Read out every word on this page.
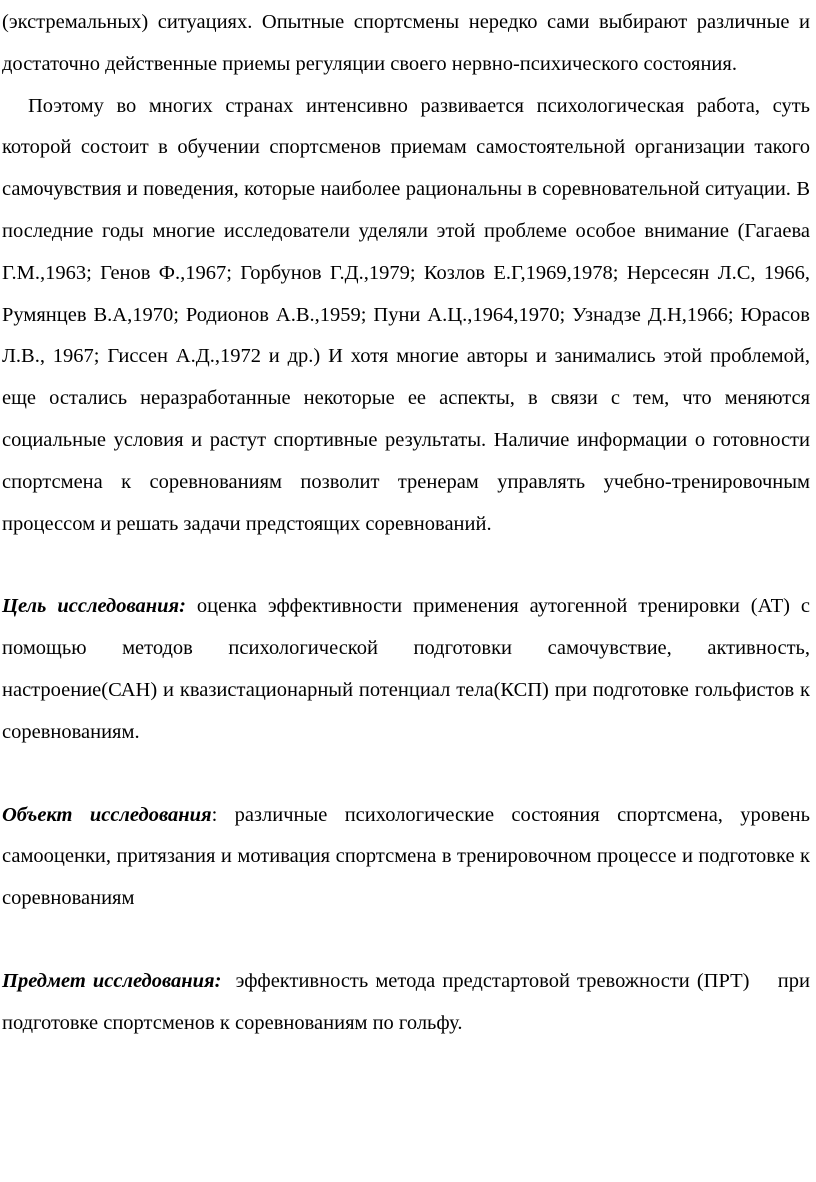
(экстремальных) ситуациях. Опытные спортсмены нередко сами выбирают различные и достаточно действенные приемы регуляции своего нервно-психического состояния.

Поэтому во многих странах интенсивно развивается психологическая работа, суть которой состоит в обучении спортсменов приемам самостоятельной организации такого самочувствия и поведения, которые наиболее рациональны в соревновательной ситуации. В последние годы многие исследователи уделяли этой проблеме особое внимание (Гагаева Г.М.,1963; Генов Ф.,1967; Горбунов Г.Д.,1979; Козлов Е.Г,1969,1978; Нерсесян Л.С, 1966, Румянцев В.А,1970; Родионов А.В.,1959; Пуни А.Ц.,1964,1970; Узнадзе Д.Н,1966; Юрасов Л.В., 1967; Гиссен А.Д.,1972 и др.) И хотя многие авторы и занимались этой проблемой, еще остались неразработанные некоторые ее аспекты, в связи с тем, что меняются социальные условия и растут спортивные результаты. Наличие информации о готовности спортсмена к соревнованиям позволит тренерам управлять учебно-тренировочным процессом и решать задачи предстоящих соревнований.

Цель исследования: оценка эффективности применения аутогенной тренировки (АТ) с помощью методов психологической подготовки самочувствие, активность, настроение(САН) и квазистационарный потенциал тела(КСП) при подготовке гольфистов к соревнованиям.

Объект исследования: различные психологические состояния спортсмена, уровень самооценки, притязания и мотивация спортсмена в тренировочном процессе и подготовке к соревнованиям

Предмет исследования:  эффективность метода предстартовой тревожности (ПРТ)    при подготовке спортсменов к соревнованиям по гольфу.
